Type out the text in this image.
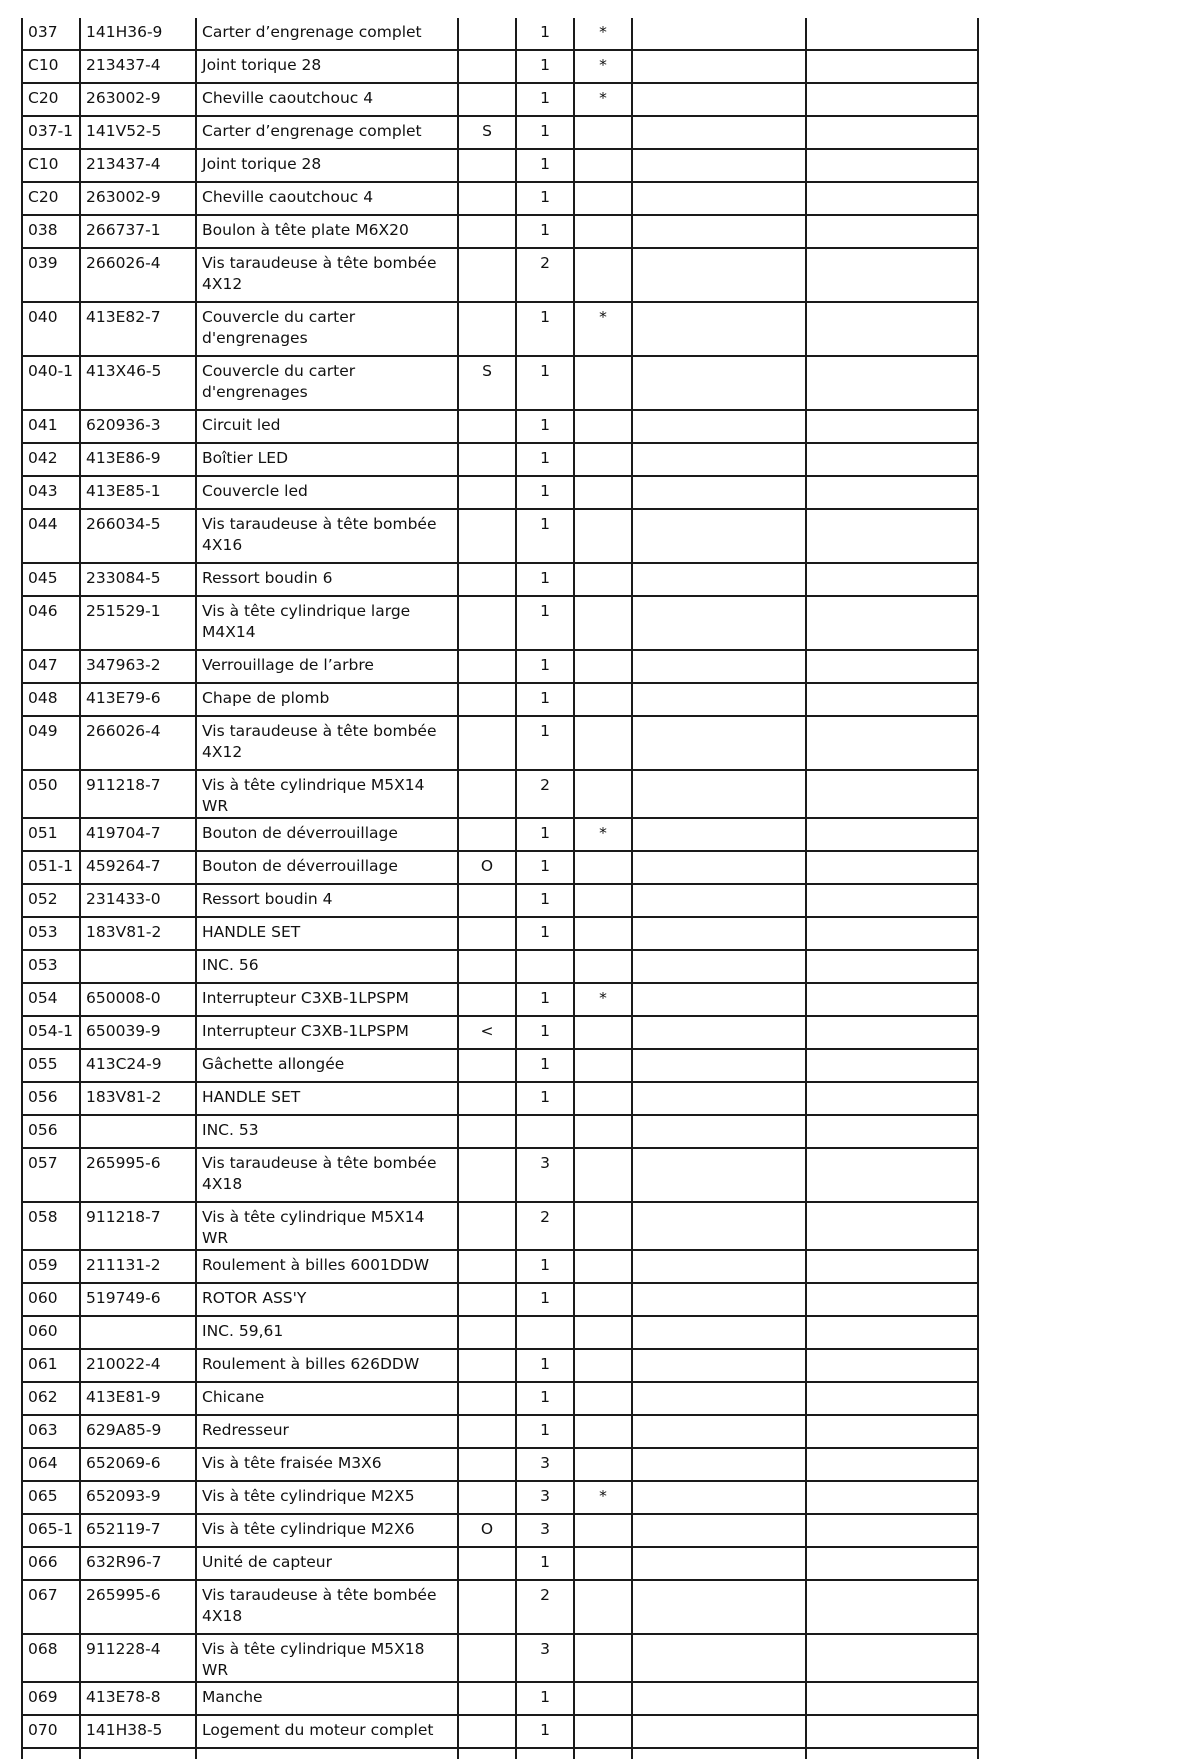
037	141H36-9	Carter d’engrenage complet		1	*		
C10	213437-4	Joint torique 28		1	*		
C20	263002-9	Cheville caoutchouc 4		1	*		
037-1	141V52-5	Carter d’engrenage complet	S	1			
C10	213437-4	Joint torique 28		1			
C20	263002-9	Cheville caoutchouc 4		1			
038	266737-1	Boulon à tête plate M6X20		1			
039	266026-4	Vis taraudeuse à tête bombée 4X12		2			
040	413E82-7	Couvercle du carter d'engrenages		1	*		
040-1	413X46-5	Couvercle du carter d'engrenages	S	1			
041	620936-3	Circuit led		1			
042	413E86-9	Boîtier LED		1			
043	413E85-1	Couvercle led		1			
044	266034-5	Vis taraudeuse à tête bombée 4X16		1			
045	233084-5	Ressort boudin 6		1			
046	251529-1	Vis à tête cylindrique large M4X14		1			
047	347963-2	Verrouillage de l’arbre		1			
048	413E79-6	Chape de plomb		1			
049	266026-4	Vis taraudeuse à tête bombée 4X12		1			
050	911218-7	Vis à tête cylindrique M5X14 WR		2			
051	419704-7	Bouton de déverrouillage		1	*		
051-1	459264-7	Bouton de déverrouillage	O	1			
052	231433-0	Ressort boudin 4		1			
053	183V81-2	HANDLE SET		1			
053		INC. 56					
054	650008-0	Interrupteur C3XB-1LPSPM		1	*		
054-1	650039-9	Interrupteur C3XB-1LPSPM	<	1			
055	413C24-9	Gâchette allongée		1			
056	183V81-2	HANDLE SET		1			
056		INC. 53					
057	265995-6	Vis taraudeuse à tête bombée 4X18		3			
058	911218-7	Vis à tête cylindrique M5X14 WR		2			
059	211131-2	Roulement à billes 6001DDW		1			
060	519749-6	ROTOR ASS'Y		1			
060		INC. 59,61					
061	210022-4	Roulement à billes 626DDW		1			
062	413E81-9	Chicane		1			
063	629A85-9	Redresseur		1			
064	652069-6	Vis à tête fraisée M3X6		3			
065	652093-9	Vis à tête cylindrique M2X5		3	*		
065-1	652119-7	Vis à tête cylindrique M2X6	O	3			
066	632R96-7	Unité de capteur		1			
067	265995-6	Vis taraudeuse à tête bombée 4X18		2			
068	911228-4	Vis à tête cylindrique M5X18 WR		3			
069	413E78-8	Manche		1			
070	141H38-5	Logement du moteur complet		1			
